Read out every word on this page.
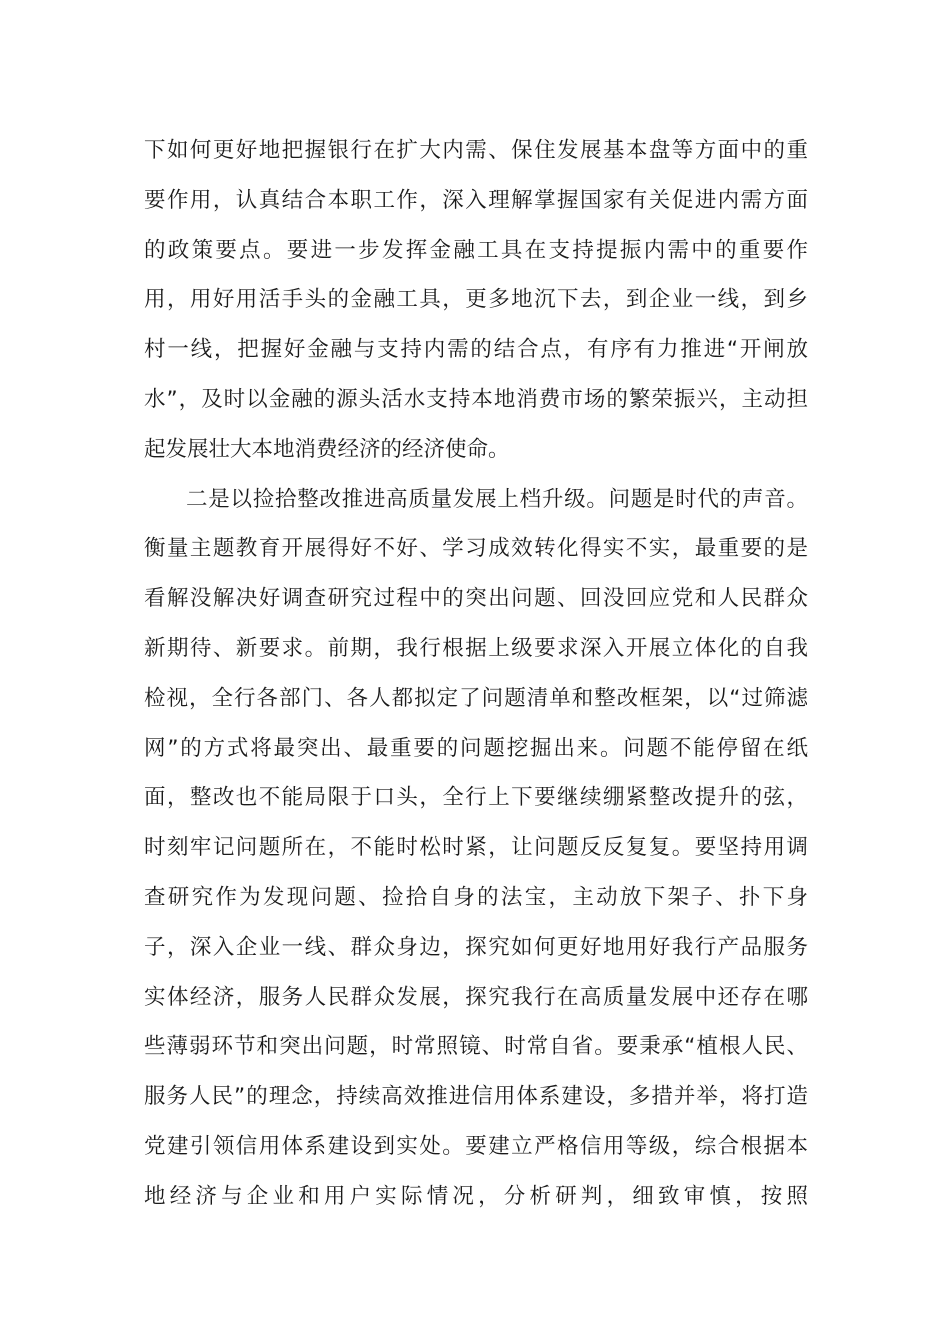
下如何更好地把握银行在扩大内需、保住发展基本盘等方面中的重
要作用，认真结合本职工作，深入理解掌握国家有关促进内需方面
的政策要点。要进一步发挥金融工具在支持提振内需中的重要作
用，用好用活手头的金融工具，更多地沉下去，到企业一线，到乡
村一线，把握好金融与支持内需的结合点，有序有力推进“开闸放
水”，及时以金融的源头活水支持本地消费市场的繁荣振兴，主动担
起发展壮大本地消费经济的经济使命。
二是以捡拾整改推进高质量发展上档升级。问题是时代的声音。
衡量主题教育开展得好不好、学习成效转化得实不实，最重要的是
看解没解决好调查研究过程中的突出问题、回没回应党和人民群众
新期待、新要求。前期，我行根据上级要求深入开展立体化的自我
检视，全行各部门、各人都拟定了问题清单和整改框架，以“过筛滤
网”的方式将最突出、最重要的问题挖掘出来。问题不能停留在纸
面，整改也不能局限于口头，全行上下要继续绷紧整改提升的弦，
时刻牢记问题所在，不能时松时紧，让问题反反复复。要坚持用调
查研究作为发现问题、捡拾自身的法宝，主动放下架子、扑下身
子，深入企业一线、群众身边，探究如何更好地用好我行产品服务
实体经济，服务人民群众发展，探究我行在高质量发展中还存在哪
些薄弱环节和突出问题，时常照镜、时常自省。要秉承“植根人民、
服务人民”的理念，持续高效推进信用体系建设，多措并举，将打造
党建引领信用体系建设到实处。要建立严格信用等级，综合根据本
地经济与企业和用户实际情况，分析研判，细致审慎，按照
